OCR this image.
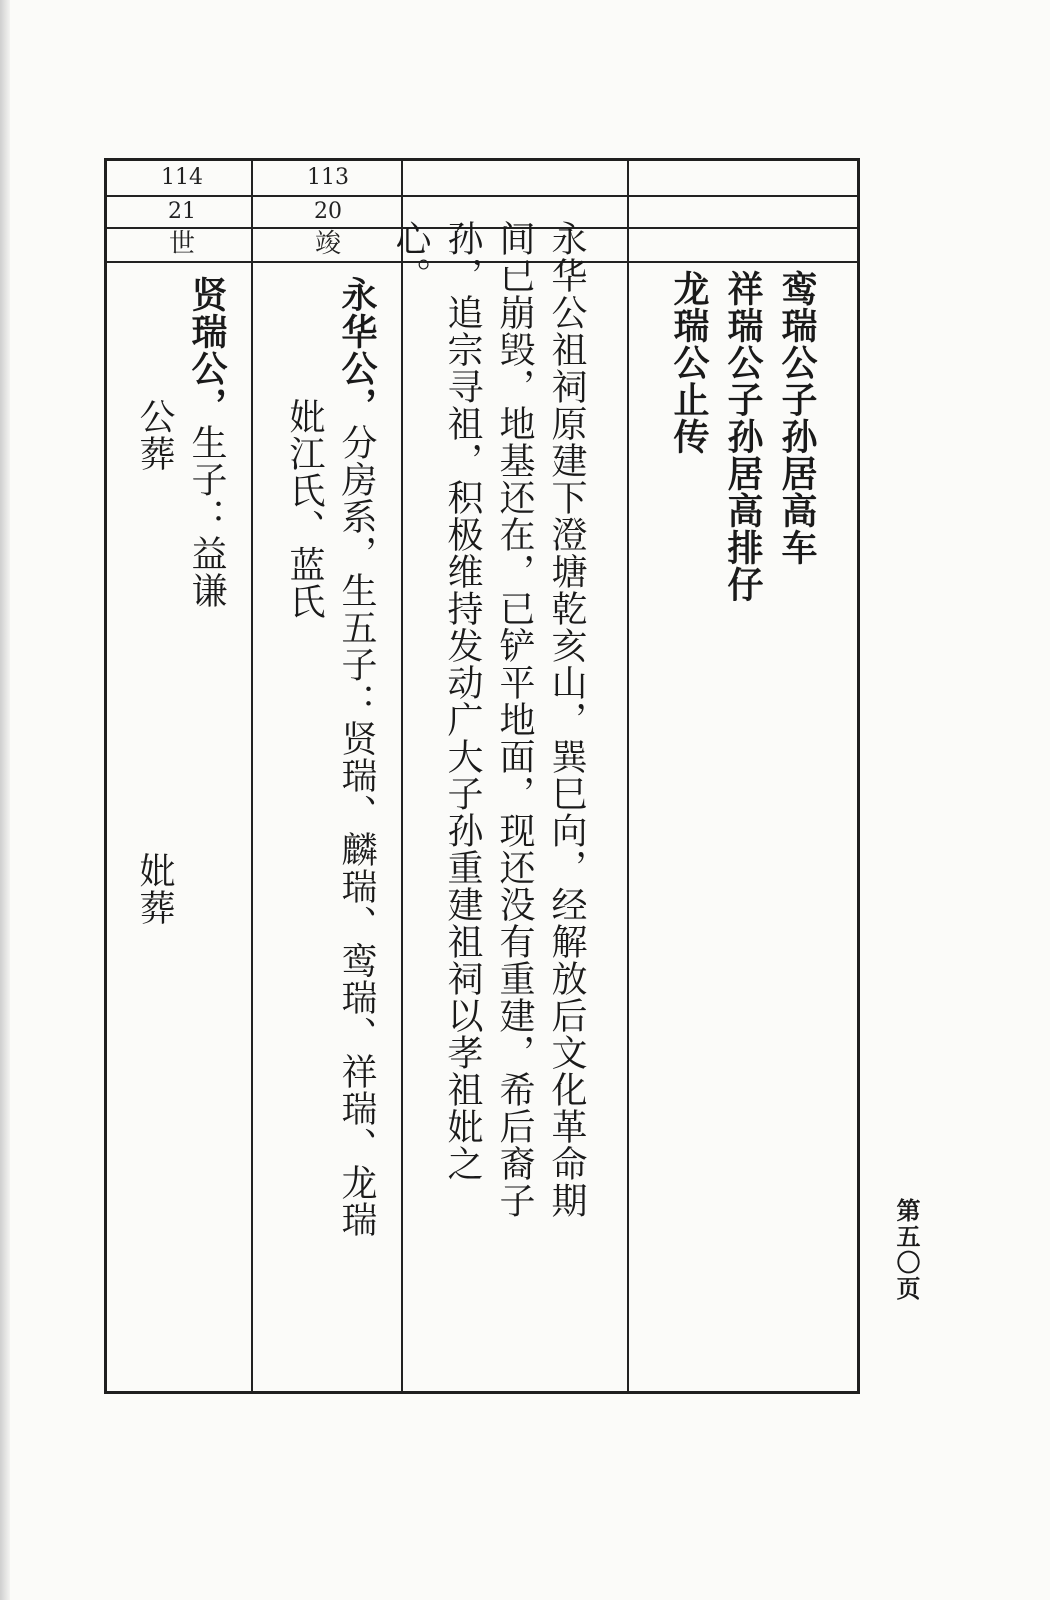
114
21
世
113
20
竣
贤瑞公，生子：益谦
公葬
妣葬
永华公，分房系，生五子：贤瑞、麟瑞、鸾瑞、祥瑞、龙瑞
妣江氏、蓝氏	永华公祖祠原建下澄塘乾亥山，巽巳向，经解放后文化革命期间已崩毁，地基还在，已铲平地面，现还没有重建，希后裔子孙，追宗寻祖，积极维持发动广大子孙重建祖祠以孝祖妣之心。
鸾瑞公子孙居高车
祥瑞公子孙居高排仔
龙瑞公止传
第五〇页
